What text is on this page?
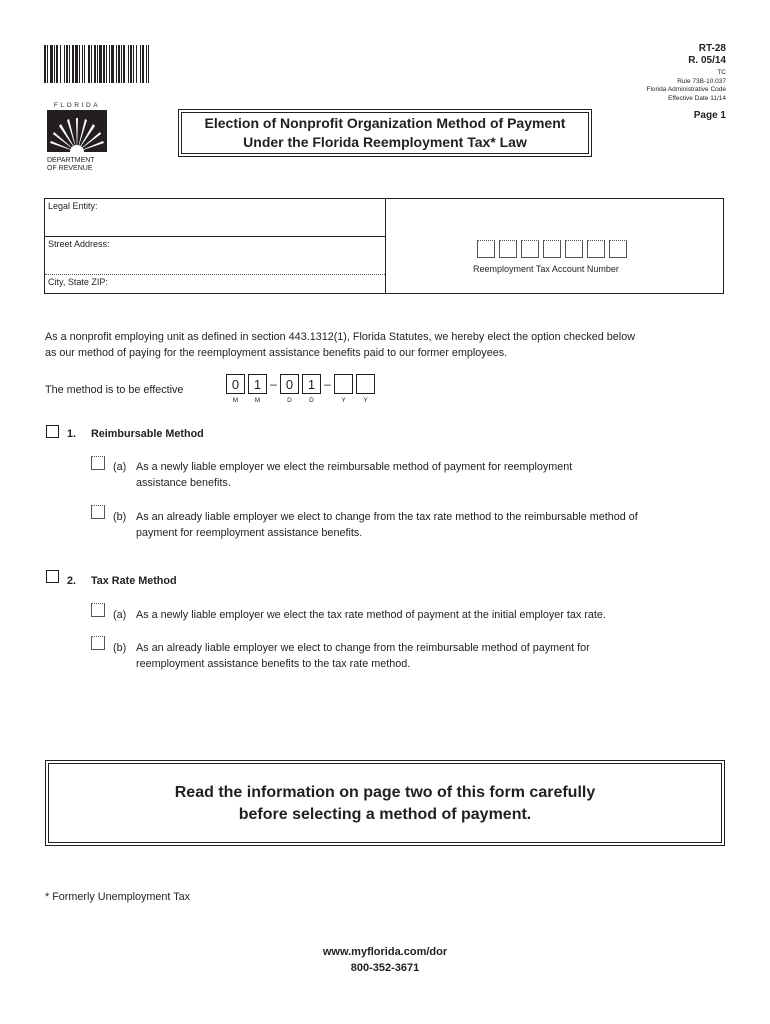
FLORIDA
DEPARTMENT
OF REVENUE
RT-28
R. 05/14
TC
Rule 73B-10.037
Florida Administrative Code
Effective Date 11/14
Page 1
Election of Nonprofit Organization Method of Payment
Under the Florida Reemployment Tax* Law
Legal Entity:
Street Address:
City, State ZIP:
Reemployment Tax Account Number
As a nonprofit employing unit as defined in section 443.1312(1), Florida Statutes, we hereby elect the option checked below
as our method of paying for the reemployment assistance benefits paid to our former employees.
The method is to be effective	0	1 – 0	1 –
M	M	D	D	Y	Y
1. Reimbursable Method
(a) As a newly liable employer we elect the reimbursable method of payment for reemployment
assistance benefits.
(b) As an already liable employer we elect to change from the tax rate method to the reimbursable method of
payment for reemployment assistance benefits.
2. Tax Rate Method
(a) As a newly liable employer we elect the tax rate method of payment at the initial employer tax rate.
(b) As an already liable employer we elect to change from the reimbursable method of payment for
reemployment assistance benefits to the tax rate method.
Read the information on page two of this form carefully
before selecting a method of payment.
* Formerly Unemployment Tax
www.myflorida.com/dor
800-352-3671
